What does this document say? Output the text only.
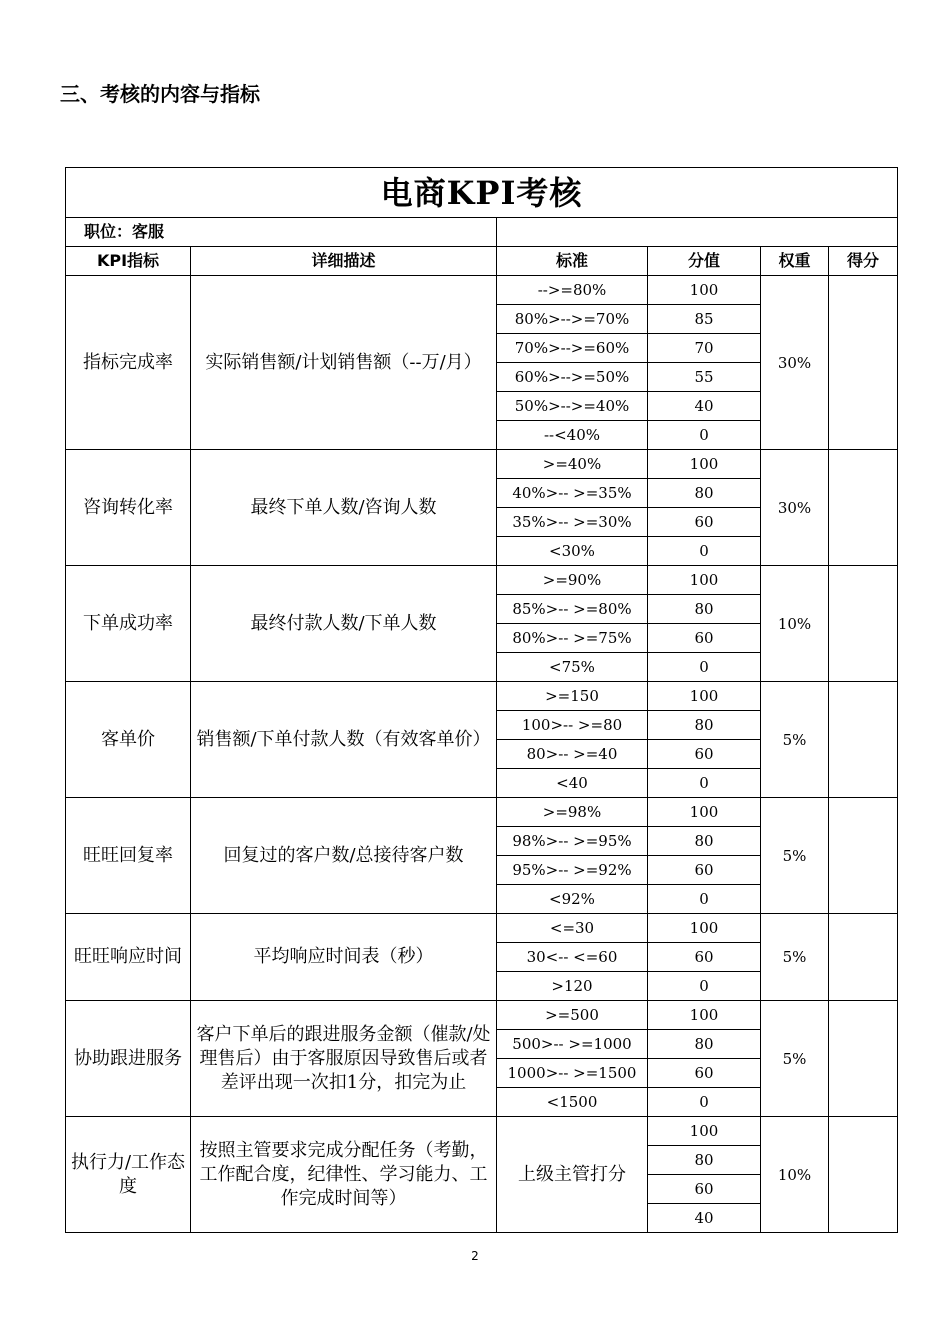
三、考核的内容与指标
电商KPI考核					
职位：客服					
KPI指标	详细描述	标准	分值	权重	得分
指标完成率	实际销售额/计划销售额（--万/月）	-->=80%	100	30%	
		80%>-->=70%	85		
		70%>-->=60%	70		
		60%>-->=50%	55		
		50%>-->=40%	40		
		--<40%	0		
咨询转化率	最终下单人数/咨询人数	>=40%	100	30%	
		40%>-- >=35%	80		
		35%>-- >=30%	60		
		<30%	0		
下单成功率	最终付款人数/下单人数	>=90%	100	10%	
		85%>-- >=80%	80		
		80%>-- >=75%	60		
		<75%	0		
客单价	销售额/下单付款人数（有效客单价）	>=150	100	5%	
		100>-- >=80	80		
		80>-- >=40	60		
		<40	0		
旺旺回复率	回复过的客户数/总接待客户数	>=98%	100	5%	
		98%>-- >=95%	80		
		95%>-- >=92%	60		
		<92%	0		
旺旺响应时间	平均响应时间表（秒）	<=30	100	5%	
		30<-- <=60	60		
		>120	0		
协助跟进服务	客户下单后的跟进服务金额（催款/处理售后）由于客服原因导致售后或者差评出现一次扣1分，扣完为止	>=500	100	5%	
		500>-- >=1000	80		
		1000>-- >=1500	60		
		<1500	0		
执行力/工作态度	按照主管要求完成分配任务（考勤，工作配合度，纪律性、学习能力、工作完成时间等）	上级主管打分	100	10%	
			80		
			60		
			40		
2
